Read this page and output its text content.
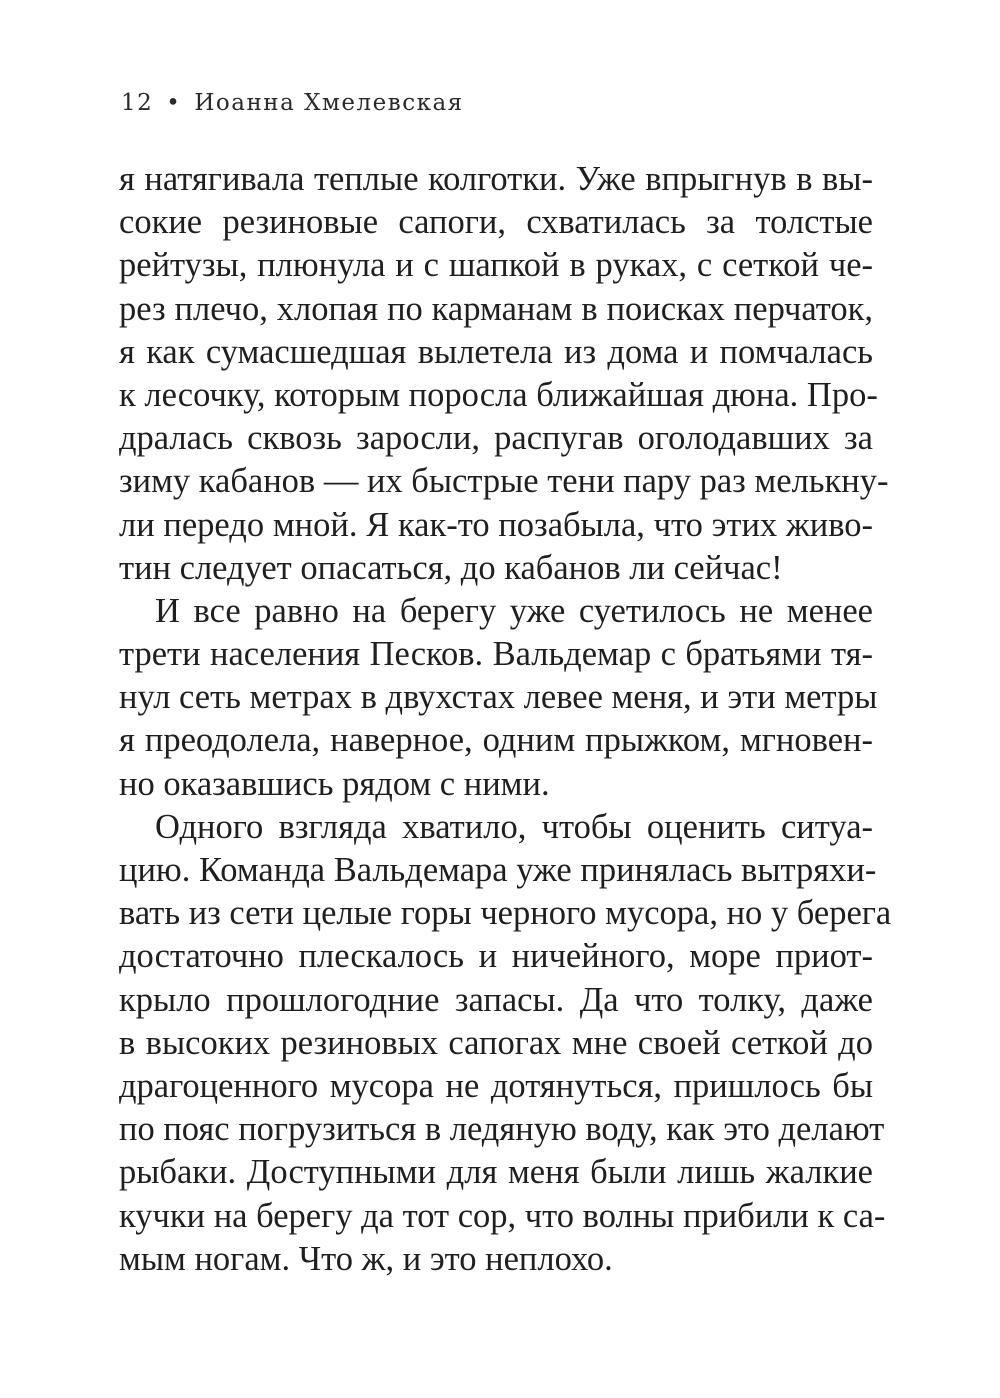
12 • Иоанна Хмелевская
я натягивала теплые колготки. Уже впрыгнув в вы-
сокие резиновые сапоги, схватилась за толстые
рейтузы, плюнула и с шапкой в руках, с сеткой че-
рез плечо, хлопая по карманам в поисках перчаток,
я как сумасшедшая вылетела из дома и помчалась
к лесочку, которым поросла ближайшая дюна. Про-
дралась сквозь заросли, распугав оголодавших за
зиму кабанов — их быстрые тени пару раз мелькну-
ли передо мной. Я как-то позабыла, что этих живо-
тин следует опасаться, до кабанов ли сейчас!
И все равно на берегу уже суетилось не менее
трети населения Песков. Вальдемар с братьями тя-
нул сеть метрах в двухстах левее меня, и эти метры
я преодолела, наверное, одним прыжком, мгновен-
но оказавшись рядом с ними.
Одного взгляда хватило, чтобы оценить ситуа-
цию. Команда Вальдемара уже принялась вытряхи-
вать из сети целые горы черного мусора, но у берега
достаточно плескалось и ничейного, море приот-
крыло прошлогодние запасы. Да что толку, даже
в высоких резиновых сапогах мне своей сеткой до
драгоценного мусора не дотянуться, пришлось бы
по пояс погрузиться в ледяную воду, как это делают
рыбаки. Доступными для меня были лишь жалкие
кучки на берегу да тот сор, что волны прибили к са-
мым ногам. Что ж, и это неплохо.
